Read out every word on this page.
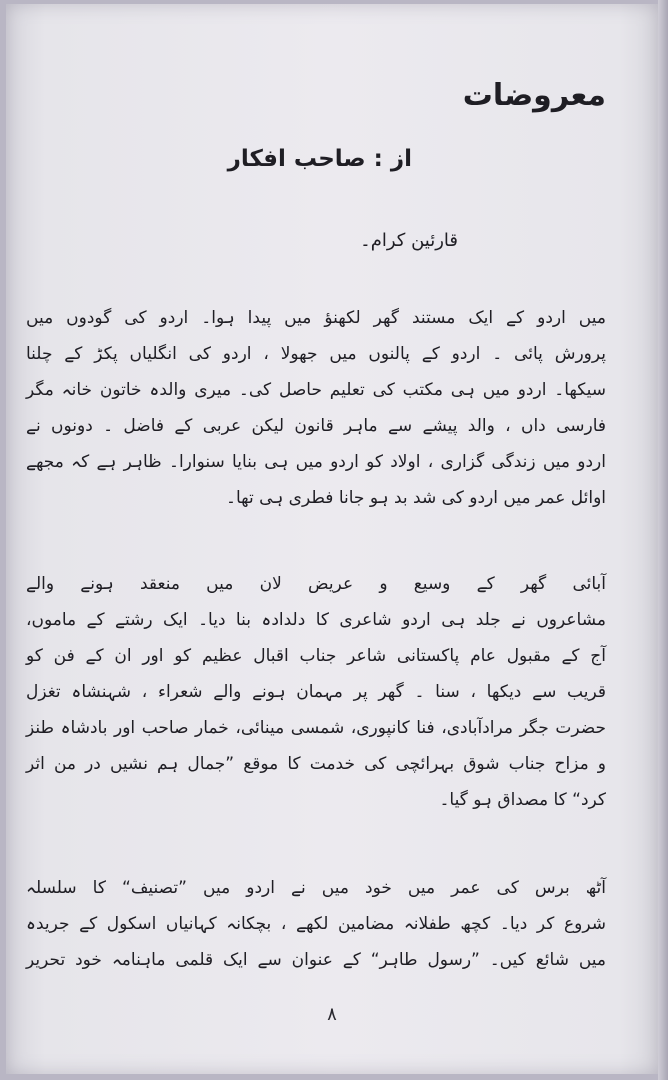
معروضات
از : صاحب افکار
قارئین کرام۔
میں اردو کے ایک مستند گھر لکھنؤ میں پیدا ہوا۔ اردو کی گودوں میں
پرورش پائی ۔ اردو کے پالنوں میں جھولا ، اردو کی انگلیاں پکڑ کے چلنا
سیکھا۔ اردو میں ہی مکتب کی تعلیم حاصل کی۔ میری والدہ خاتون خانہ مگر
فارسی داں ، والد پیشے سے ماہر قانون لیکن عربی کے فاضل ۔ دونوں نے
اردو میں زندگی گزاری ، اولاد کو اردو میں ہی بنایا سنوارا۔ ظاہر ہے کہ مجھے
اوائل عمر میں اردو کی شد بد ہو جانا فطری ہی تھا۔
آبائی گھر کے وسیع و عریض لان میں منعقد ہونے والے
مشاعروں نے جلد ہی اردو شاعری کا دلدادہ بنا دیا۔ ایک رشتے کے ماموں،
آج کے مقبول عام پاکستانی شاعر جناب اقبال عظیم کو اور ان کے فن کو
قریب سے دیکھا ، سنا ۔ گھر پر مہمان ہونے والے شعراء ، شہنشاہ تغزل
حضرت جگر مرادآبادی، فنا کانپوری، شمسی مینائی، خمار صاحب اور بادشاہ طنز
و مزاح جناب شوق بہرائچی کی خدمت کا موقع ”جمال ہم نشیں در من اثر
کرد“ کا مصداق ہو گیا۔
آٹھ برس کی عمر میں خود میں نے اردو میں ”تصنیف“ کا سلسلہ
شروع کر دیا۔ کچھ طفلانہ مضامین لکھے ، بچکانہ کہانیاں اسکول کے جریدہ
میں شائع کیں۔ ”رسول طاہر“ کے عنوان سے ایک قلمی ماہنامہ خود تحریر
۸
